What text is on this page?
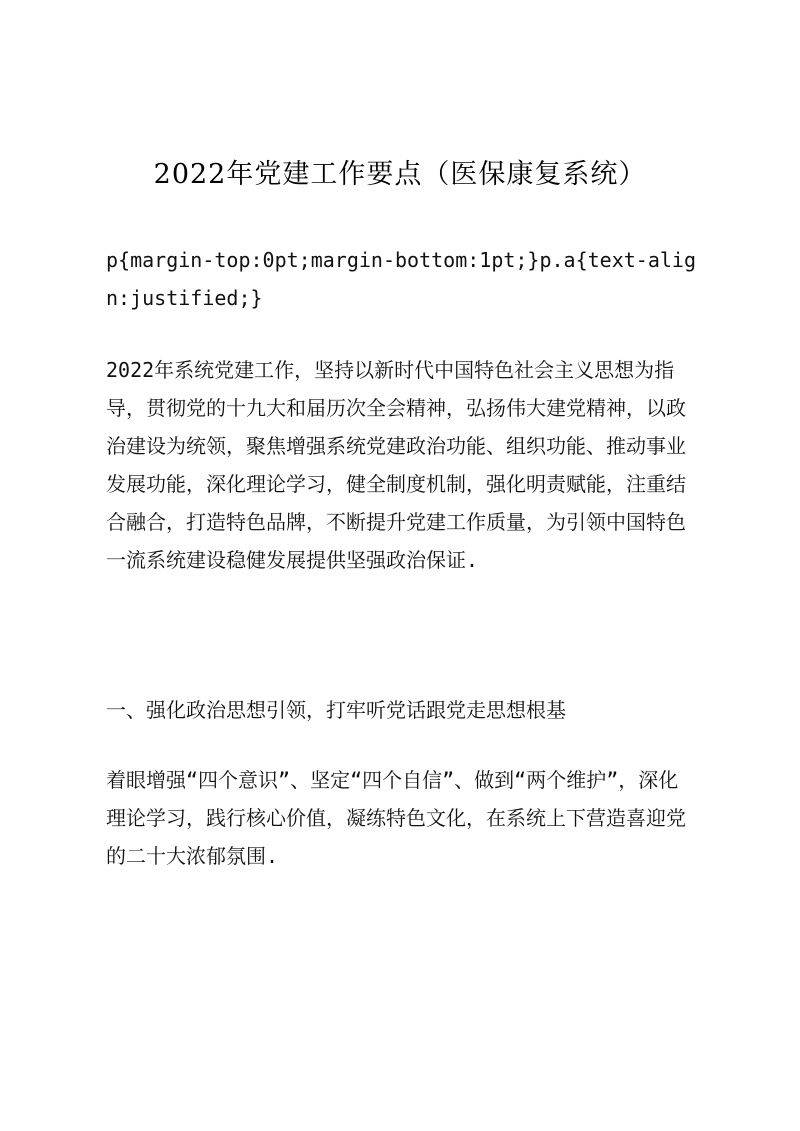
2022年党建工作要点（医保康复系统）

p{margin-top:0pt;margin-bottom:1pt;}p.a{text-align:justified;}

2022年系统党建工作，坚持以新时代中国特色社会主义思想为指导，贯彻党的十九大和届历次全会精神，弘扬伟大建党精神，以政治建设为统领，聚焦增强系统党建政治功能、组织功能、推动事业发展功能，深化理论学习，健全制度机制，强化明责赋能，注重结合融合，打造特色品牌，不断提升党建工作质量，为引领中国特色一流系统建设稳健发展提供坚强政治保证.

一、强化政治思想引领，打牢听党话跟党走思想根基

着眼增强“四个意识”、坚定“四个自信”、做到“两个维护”，深化理论学习，践行核心价值，凝练特色文化，在系统上下营造喜迎党的二十大浓郁氛围.
